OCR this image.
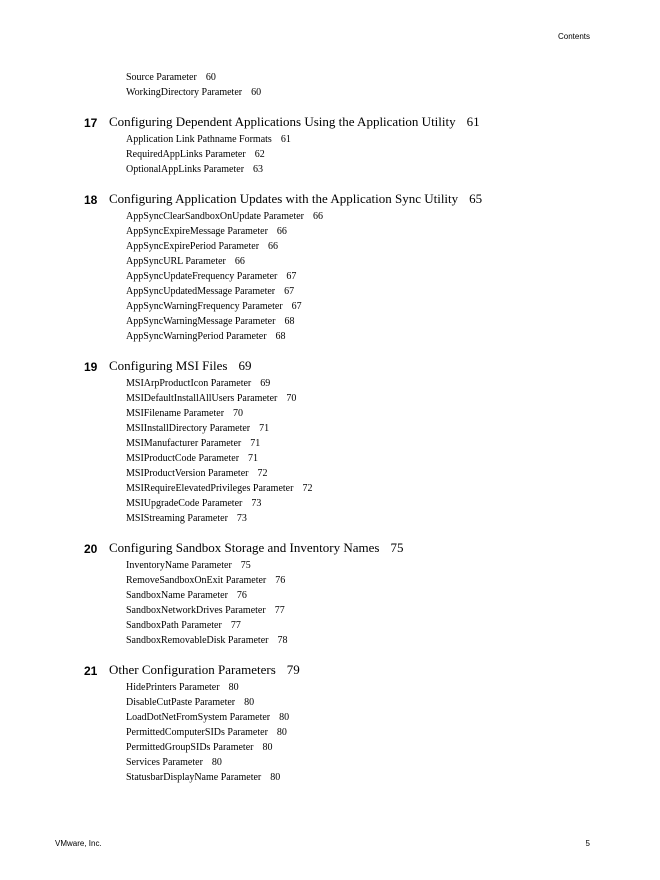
Contents
Source Parameter 60
WorkingDirectory Parameter 60
17 Configuring Dependent Applications Using the Application Utility 61
Application Link Pathname Formats 61
RequiredAppLinks Parameter 62
OptionalAppLinks Parameter 63
18 Configuring Application Updates with the Application Sync Utility 65
AppSyncClearSandboxOnUpdate Parameter 66
AppSyncExpireMessage Parameter 66
AppSyncExpirePeriod Parameter 66
AppSyncURL Parameter 66
AppSyncUpdateFrequency Parameter 67
AppSyncUpdatedMessage Parameter 67
AppSyncWarningFrequency Parameter 67
AppSyncWarningMessage Parameter 68
AppSyncWarningPeriod Parameter 68
19 Configuring MSI Files 69
MSIArpProductIcon Parameter 69
MSIDefaultInstallAllUsers Parameter 70
MSIFilename Parameter 70
MSIInstallDirectory Parameter 71
MSIManufacturer Parameter 71
MSIProductCode Parameter 71
MSIProductVersion Parameter 72
MSIRequireElevatedPrivileges Parameter 72
MSIUpgradeCode Parameter 73
MSIStreaming Parameter 73
20 Configuring Sandbox Storage and Inventory Names 75
InventoryName Parameter 75
RemoveSandboxOnExit Parameter 76
SandboxName Parameter 76
SandboxNetworkDrives Parameter 77
SandboxPath Parameter 77
SandboxRemovableDisk Parameter 78
21 Other Configuration Parameters 79
HidePrinters Parameter 80
DisableCutPaste Parameter 80
LoadDotNetFromSystem Parameter 80
PermittedComputerSIDs Parameter 80
PermittedGroupSIDs Parameter 80
Services Parameter 80
StatusbarDisplayName Parameter 80
VMware, Inc.	5
